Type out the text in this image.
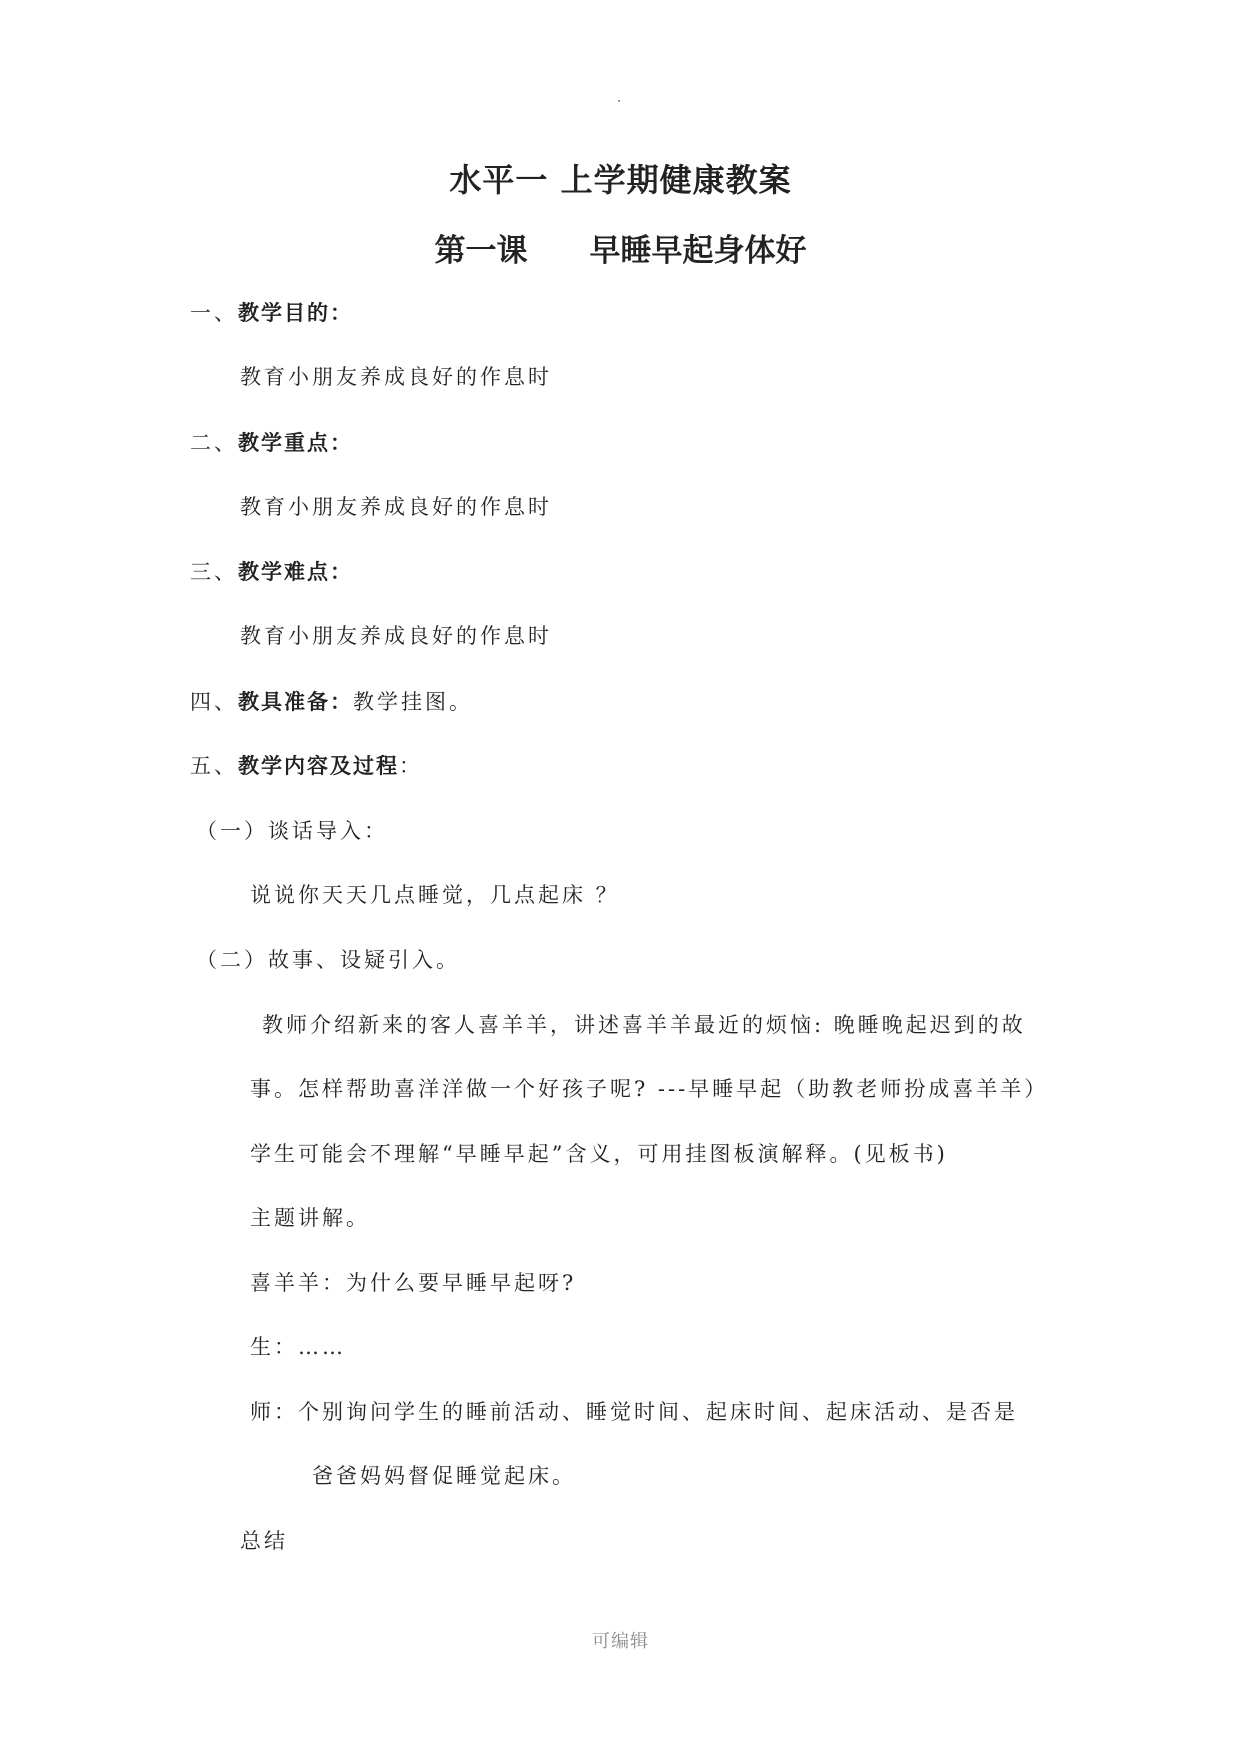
水平一 上学期健康教案
第一课 早睡早起身体好
一、教学目的：
教育小朋友养成良好的作息时
二、教学重点：
教育小朋友养成良好的作息时
三、教学难点：
教育小朋友养成良好的作息时
四、教具准备：教学挂图。
五、教学内容及过程：
（一）谈话导入：
说说你天天几点睡觉，几点起床 ？
（二）故事、设疑引入。
教师介绍新来的客人喜羊羊，讲述喜羊羊最近的烦恼: 晚睡晚起迟到的故
事。怎样帮助喜洋洋做一个好孩子呢? ---早睡早起（助教老师扮成喜羊羊）
学生可能会不理解“早睡早起”含义，可用挂图板演解释。(见板书)
主题讲解。
喜羊羊：为什么要早睡早起呀?
生：……
师：个别询问学生的睡前活动、睡觉时间、起床时间、起床活动、是否是
爸爸妈妈督促睡觉起床。
总结
可编辑
